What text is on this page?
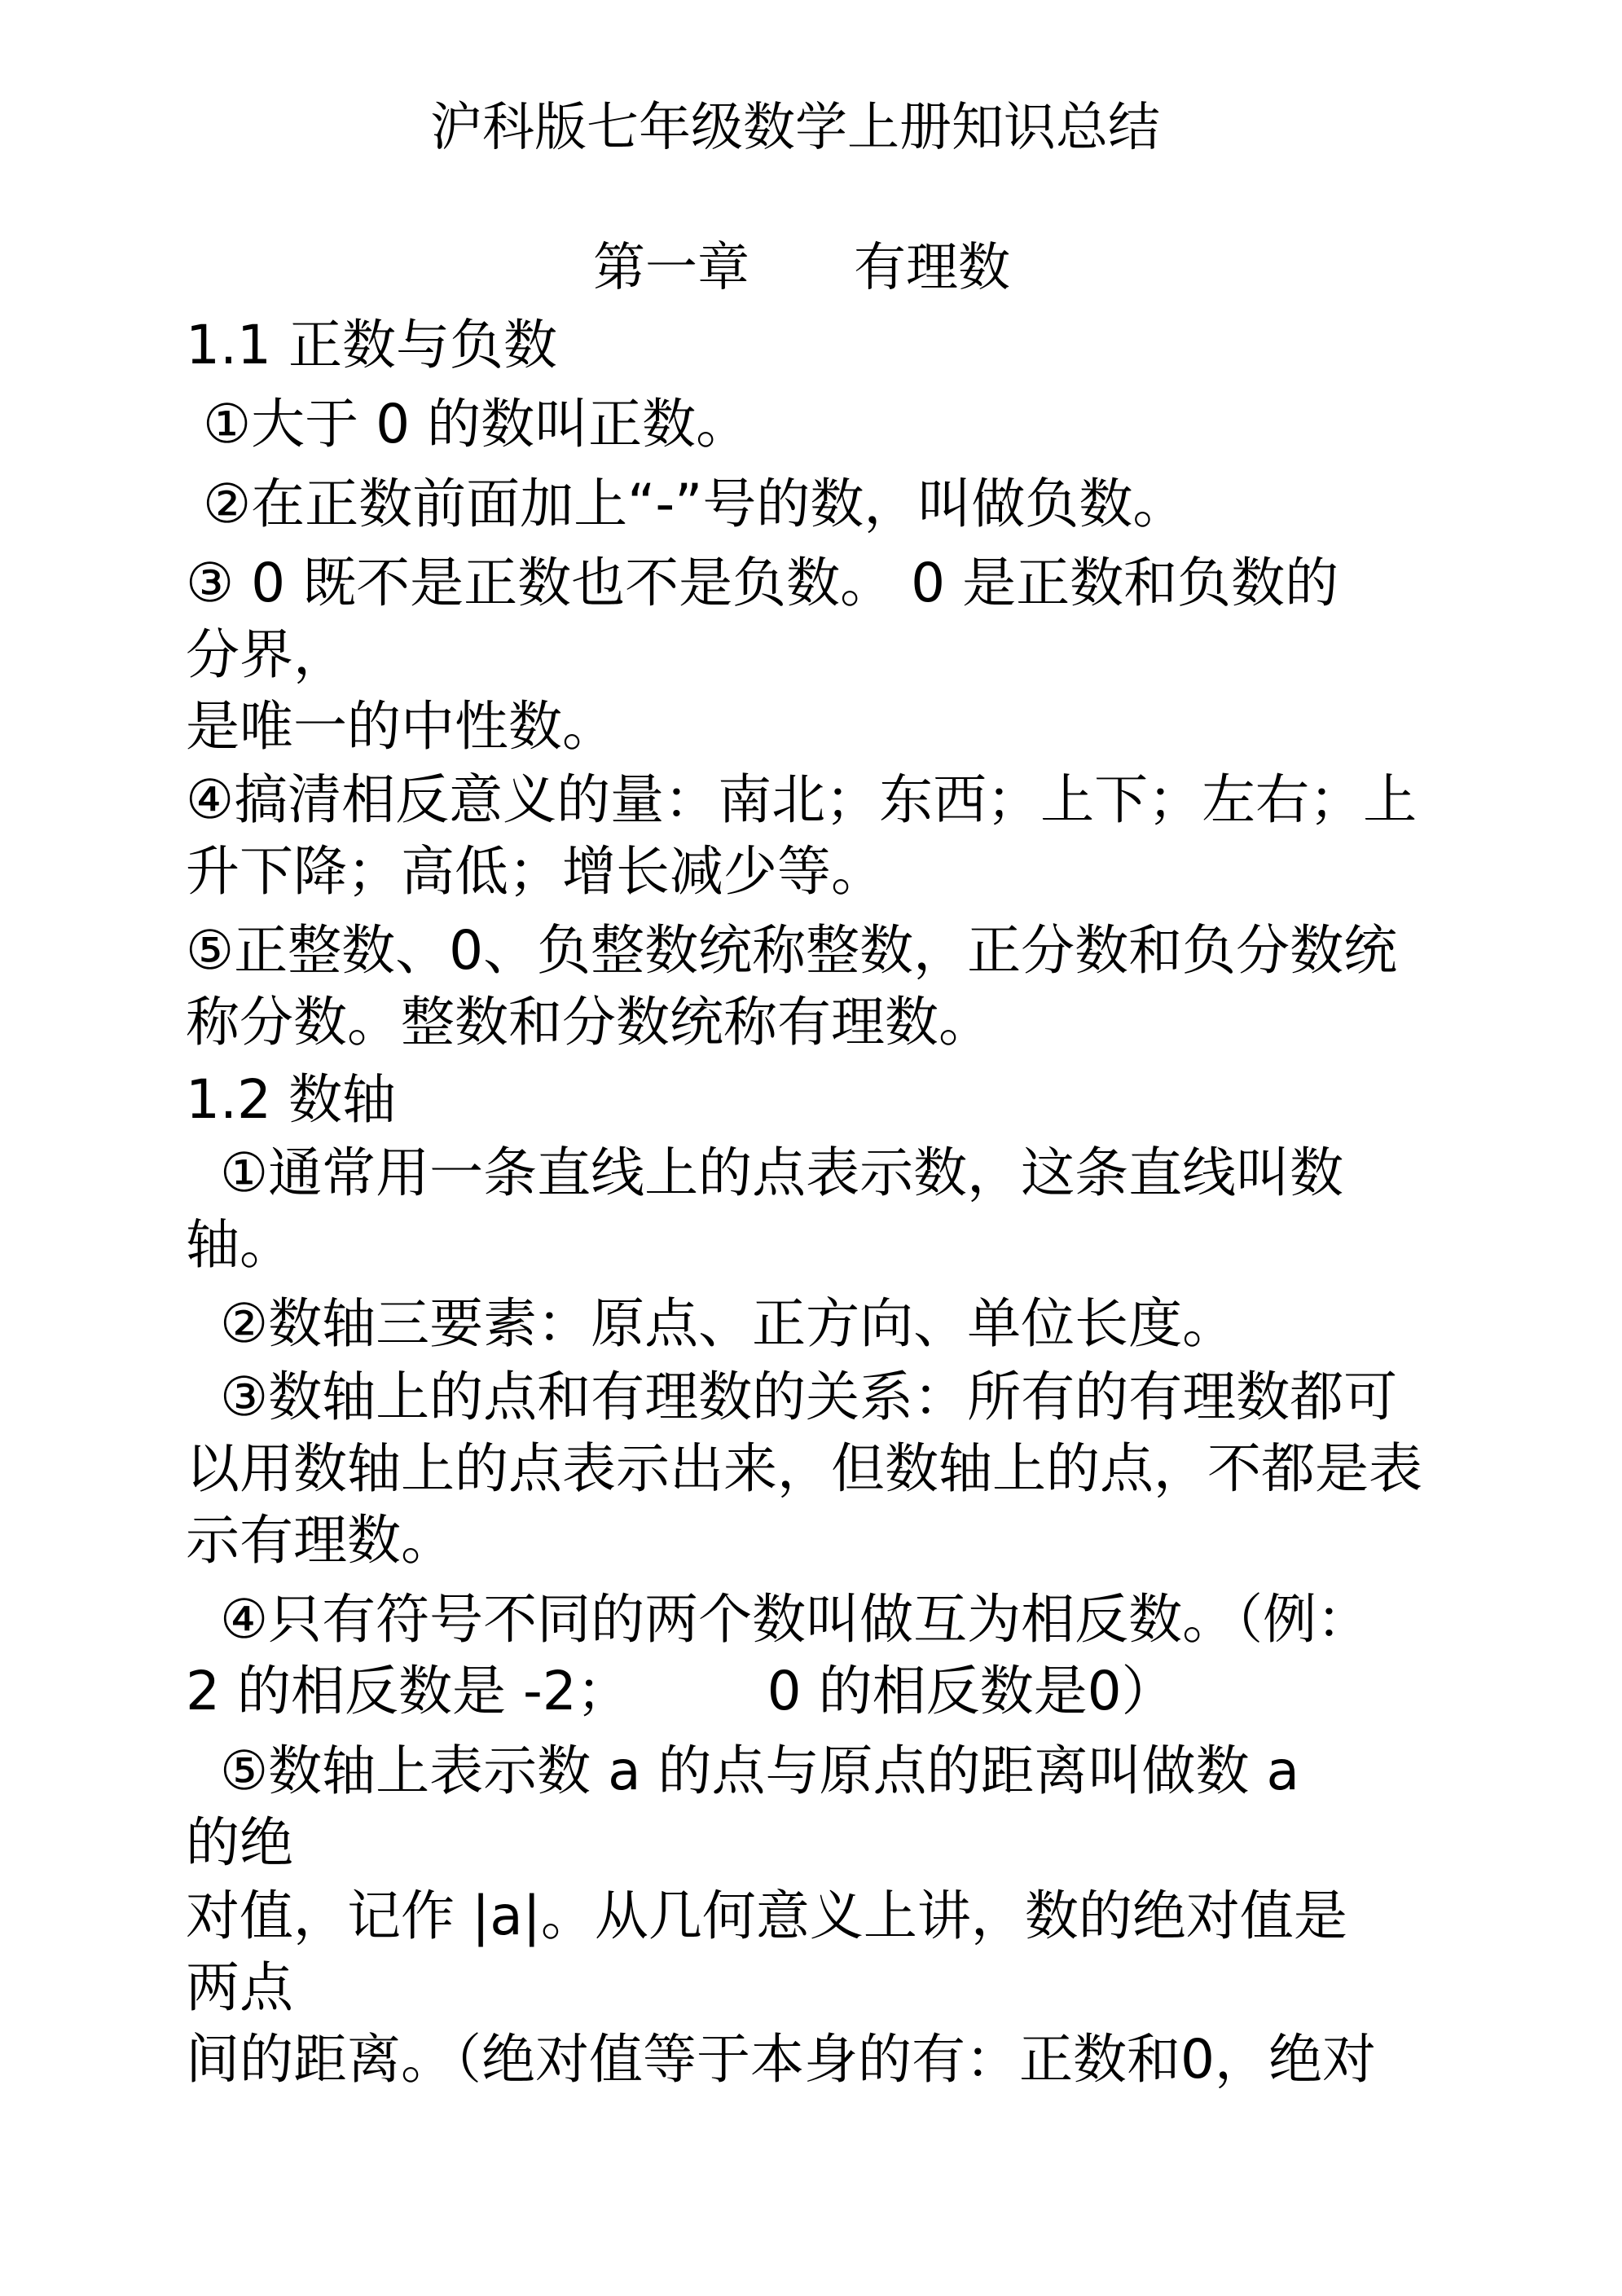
沪科版七年级数学上册知识总结
第一章　　有理数
1.1 正数与负数
①大于 0 的数叫正数。
②在正数前面加上“-”号的数，叫做负数。
③ 0 既不是正数也不是负数。 0 是正数和负数的
分界，
是唯一的中性数。
④搞清相反意义的量：南北；东西；上下；左右；上
升下降；高低；增长减少等。
⑤正整数、0、负整数统称整数，正分数和负分数统
称分数。整数和分数统称有理数。
1.2 数轴
①通常用一条直线上的点表示数，这条直线叫数
轴。
②数轴三要素：原点、正方向、单位长度。
③数轴上的点和有理数的关系：所有的有理数都可
以用数轴上的点表示出来，但数轴上的点，不都是表
示有理数。
④只有符号不同的两个数叫做互为相反数。（例：
2 的相反数是 -2；        0 的相反数是0）
⑤数轴上表示数 a 的点与原点的距离叫做数 a
的绝
对值，记作 |a|。从几何意义上讲，数的绝对值是
两点
间的距离。（绝对值等于本身的有：正数和0，绝对
